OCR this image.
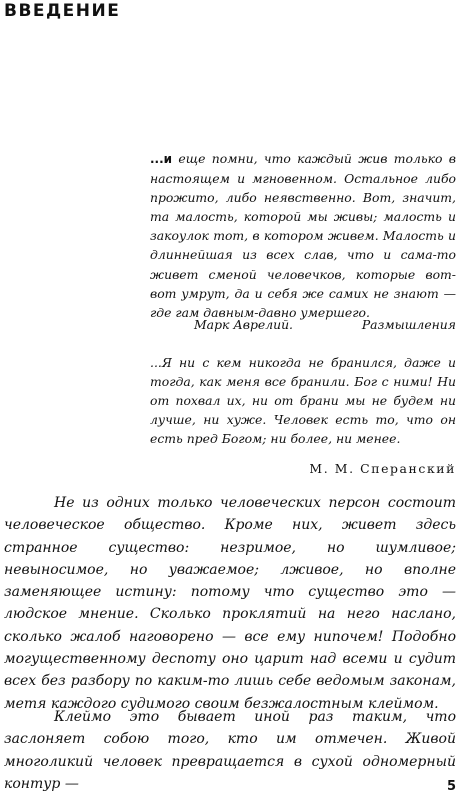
ВВЕДЕНИЕ

...и еще помни, что каждый жив только в настоящем и мгновенном. Остальное либо прожито, либо неявственно. Вот, значит, та малость, которой мы живы; малость и закоулок тот, в котором живем. Малость и длиннейшая из всех слав, что и сама-то живет сменой человечков, которые вот-вот умрут, да и себя же самих не знают — где гам давным-давно умершего.

Марк Аврелий.	Размышления

...Я ни с кем никогда не бранился, даже и тогда, как меня все бранили. Бог с ними! Ни от похвал их, ни от брани мы не будем ни лучше, ни хуже. Человек есть то, что он есть пред Богом; ни более, ни менее.

М. М. Сперанский

Не из одних только человеческих персон состоит человеческое общество. Кроме них, живет здесь странное существо: незримое, но шумливое; невыносимое, но уважаемое; лживое, но вполне заменяющее истину: потому что существо это — людское мнение. Сколько проклятий на него наслано, сколько жалоб наговорено — все ему нипочем! Подобно могущественному деспоту оно царит над всеми и судит всех без разбору по каким-то лишь себе ведомым законам, метя каждого судимого своим безжалостным клеймом.

Клеймо это бывает иной раз таким, что заслоняет собою того, кто им отмечен. Живой многоликий человек превращается в сухой одномерный контур —	5
